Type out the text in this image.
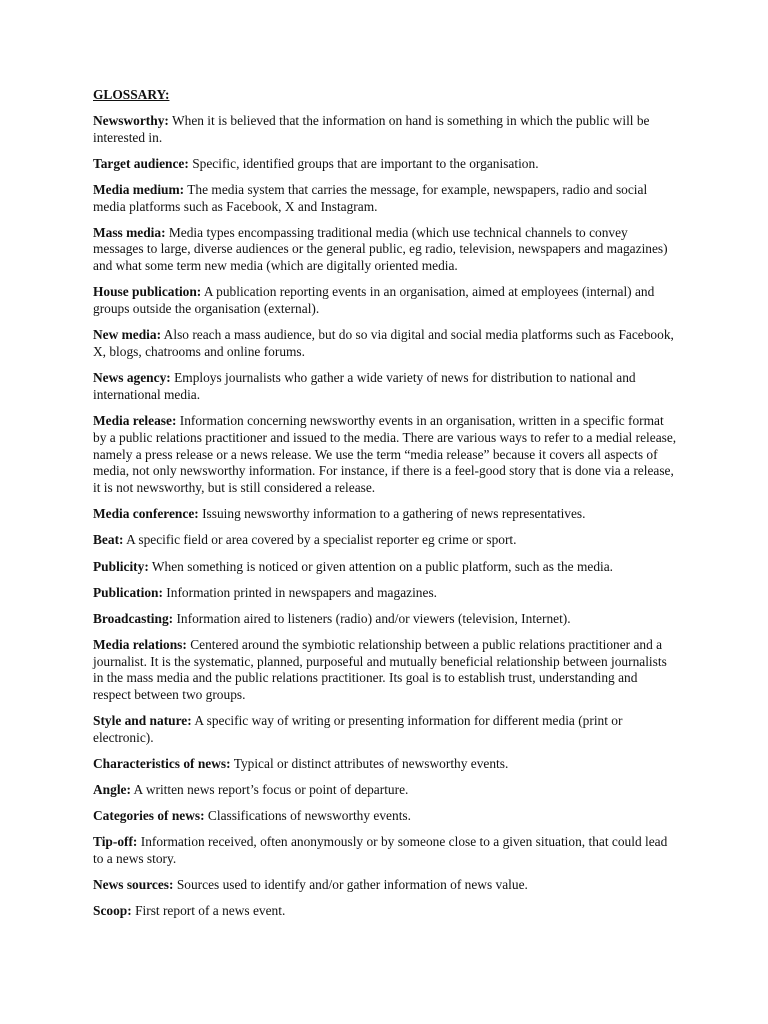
GLOSSARY:

Newsworthy: When it is believed that the information on hand is something in which the public will be interested in.

Target audience: Specific, identified groups that are important to the organisation.

Media medium: The media system that carries the message, for example, newspapers, radio and social media platforms such as Facebook, X and Instagram.

Mass media: Media types encompassing traditional media (which use technical channels to convey messages to large, diverse audiences or the general public, eg radio, television, newspapers and magazines) and what some term new media (which are digitally oriented media.

House publication: A publication reporting events in an organisation, aimed at employees (internal) and groups outside the organisation (external).

New media: Also reach a mass audience, but do so via digital and social media platforms such as Facebook, X, blogs, chatrooms and online forums.

News agency: Employs journalists who gather a wide variety of news for distribution to national and international media.

Media release: Information concerning newsworthy events in an organisation, written in a specific format by a public relations practitioner and issued to the media. There are various ways to refer to a medial release, namely a press release or a news release. We use the term “media release” because it covers all aspects of media, not only newsworthy information. For instance, if there is a feel-good story that is done via a release, it is not newsworthy, but is still considered a release.

Media conference: Issuing newsworthy information to a gathering of news representatives.

Beat: A specific field or area covered by a specialist reporter eg crime or sport.

Publicity: When something is noticed or given attention on a public platform, such as the media.

Publication: Information printed in newspapers and magazines.

Broadcasting: Information aired to listeners (radio) and/or viewers (television, Internet).

Media relations: Centered around the symbiotic relationship between a public relations practitioner and a journalist. It is the systematic, planned, purposeful and mutually beneficial relationship between journalists in the mass media and the public relations practitioner. Its goal is to establish trust, understanding and respect between two groups.

Style and nature: A specific way of writing or presenting information for different media (print or electronic).

Characteristics of news: Typical or distinct attributes of newsworthy events.

Angle: A written news report’s focus or point of departure.

Categories of news: Classifications of newsworthy events.

Tip-off: Information received, often anonymously or by someone close to a given situation, that could lead to a news story.

News sources: Sources used to identify and/or gather information of news value.

Scoop: First report of a news event.
